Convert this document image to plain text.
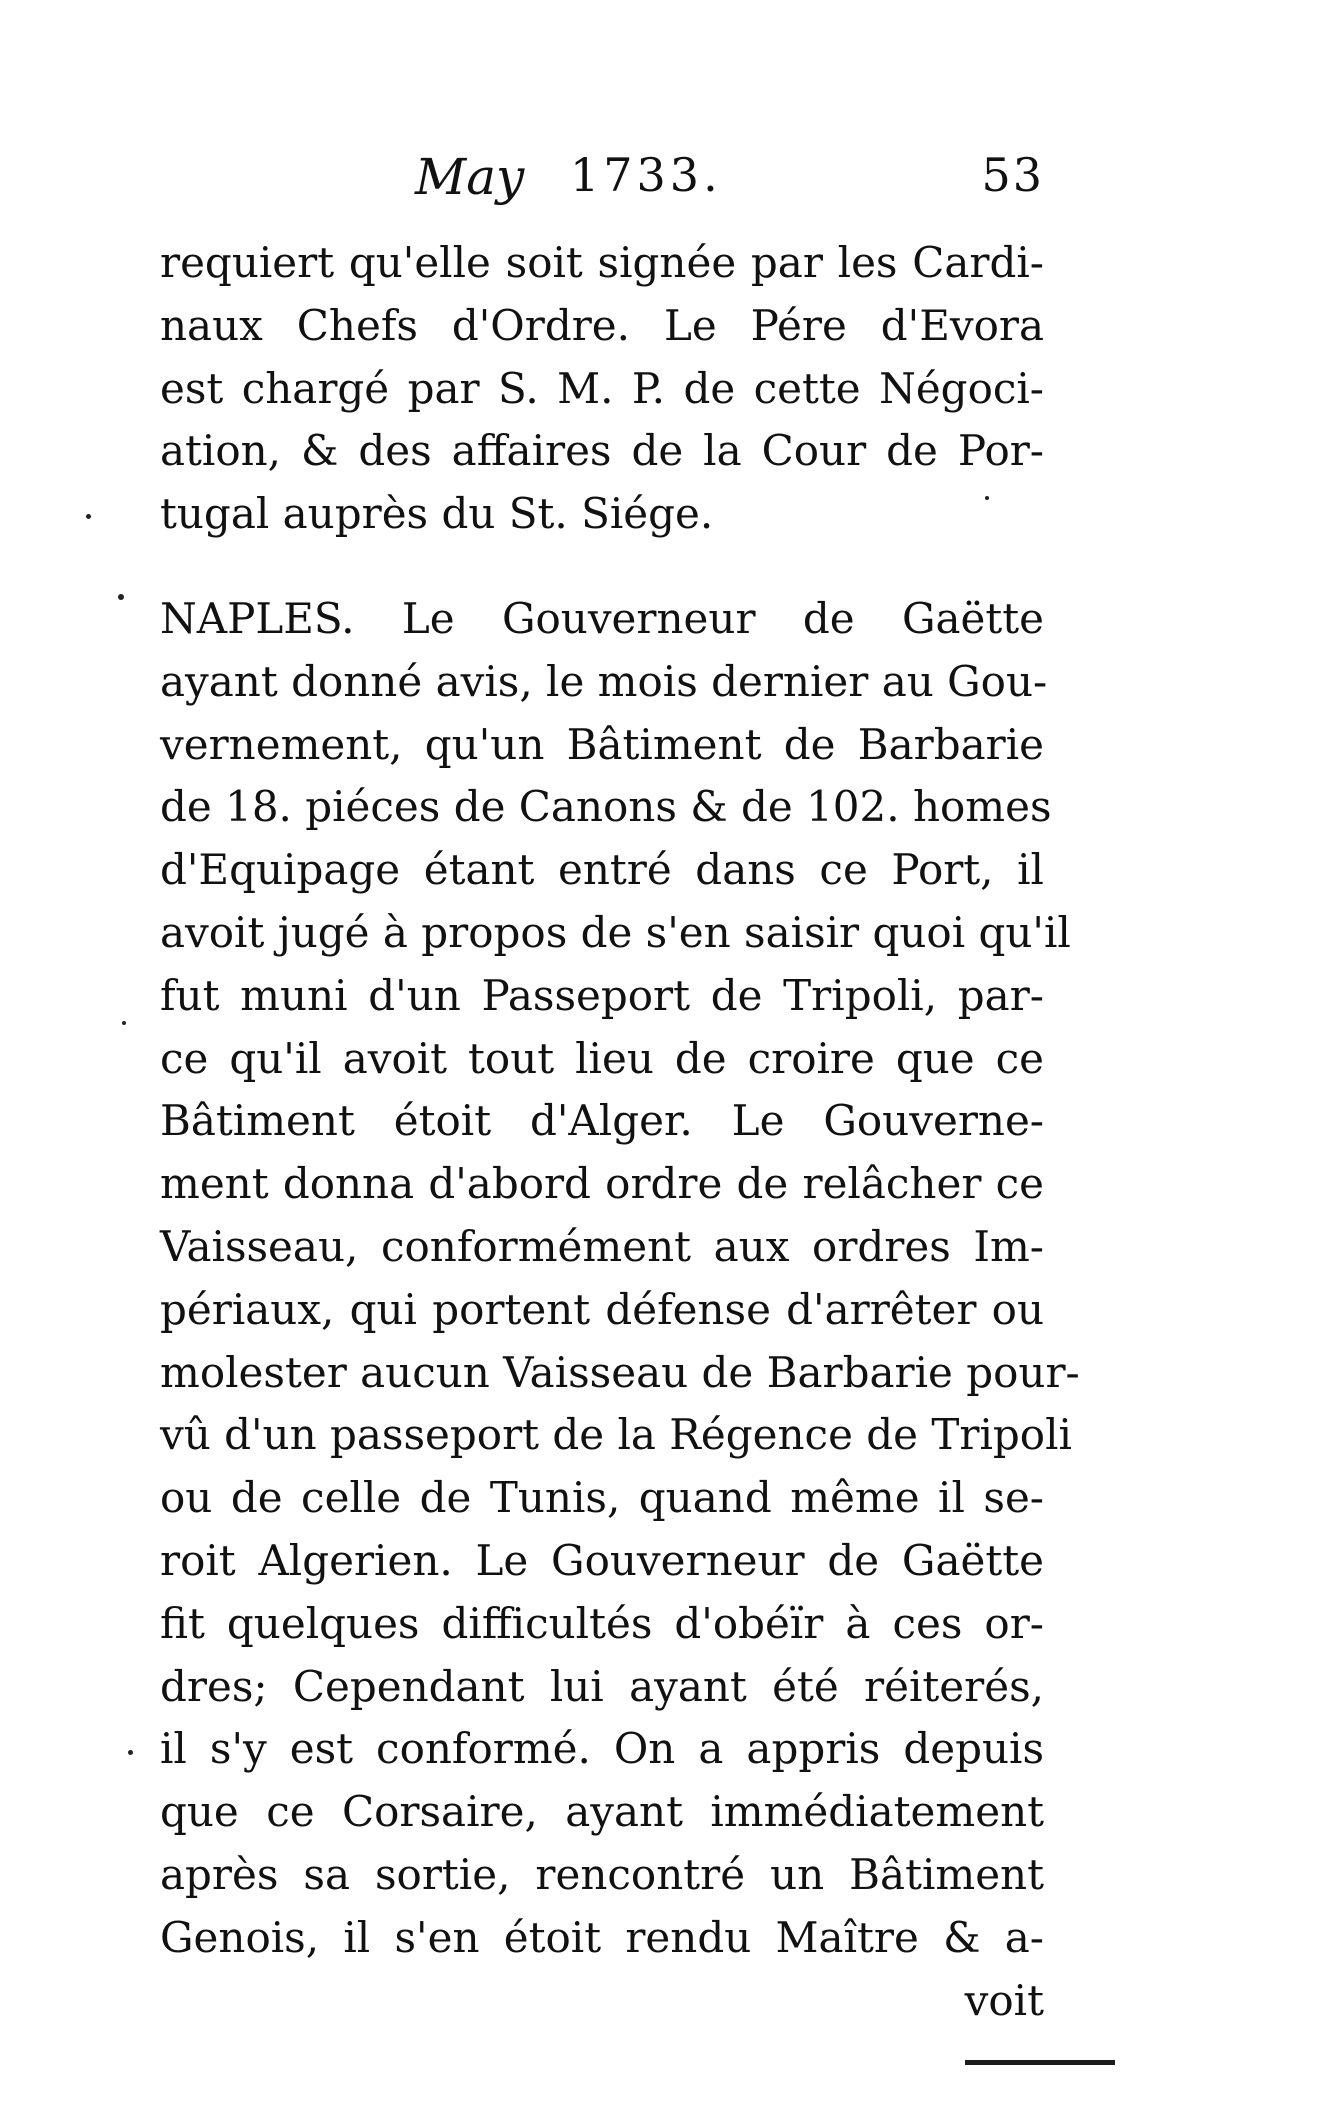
May 1733.	53
requiert qu'elle soit signée par les Cardi-
naux Chefs d'Ordre. Le Pére d'Evora
est chargé par S. M. P. de cette Négoci-
ation, & des affaires de la Cour de Por-
tugal auprès du St. Siége.
NAPLES. Le Gouverneur de Gaëtte
ayant donné avis, le mois dernier au Gou-
vernement, qu'un Bâtiment de Barbarie
de 18. piéces de Canons & de 102. homes
d'Equipage étant entré dans ce Port, il
avoit jugé à propos de s'en saisir quoi qu'il
fut muni d'un Passeport de Tripoli, par-
ce qu'il avoit tout lieu de croire que ce
Bâtiment étoit d'Alger. Le Gouverne-
ment donna d'abord ordre de relâcher ce
Vaisseau, conformément aux ordres Im-
périaux, qui portent défense d'arrêter ou
molester aucun Vaisseau de Barbarie pour-
vû d'un passeport de la Régence de Tripoli
ou de celle de Tunis, quand même il se-
roit Algerien. Le Gouverneur de Gaëtte
fit quelques difficultés d'obéïr à ces or-
dres; Cependant lui ayant été réiterés,
il s'y est conformé. On a appris depuis
que ce Corsaire, ayant immédiatement
après sa sortie, rencontré un Bâtiment
Genois, il s'en étoit rendu Maître & a-
voit
